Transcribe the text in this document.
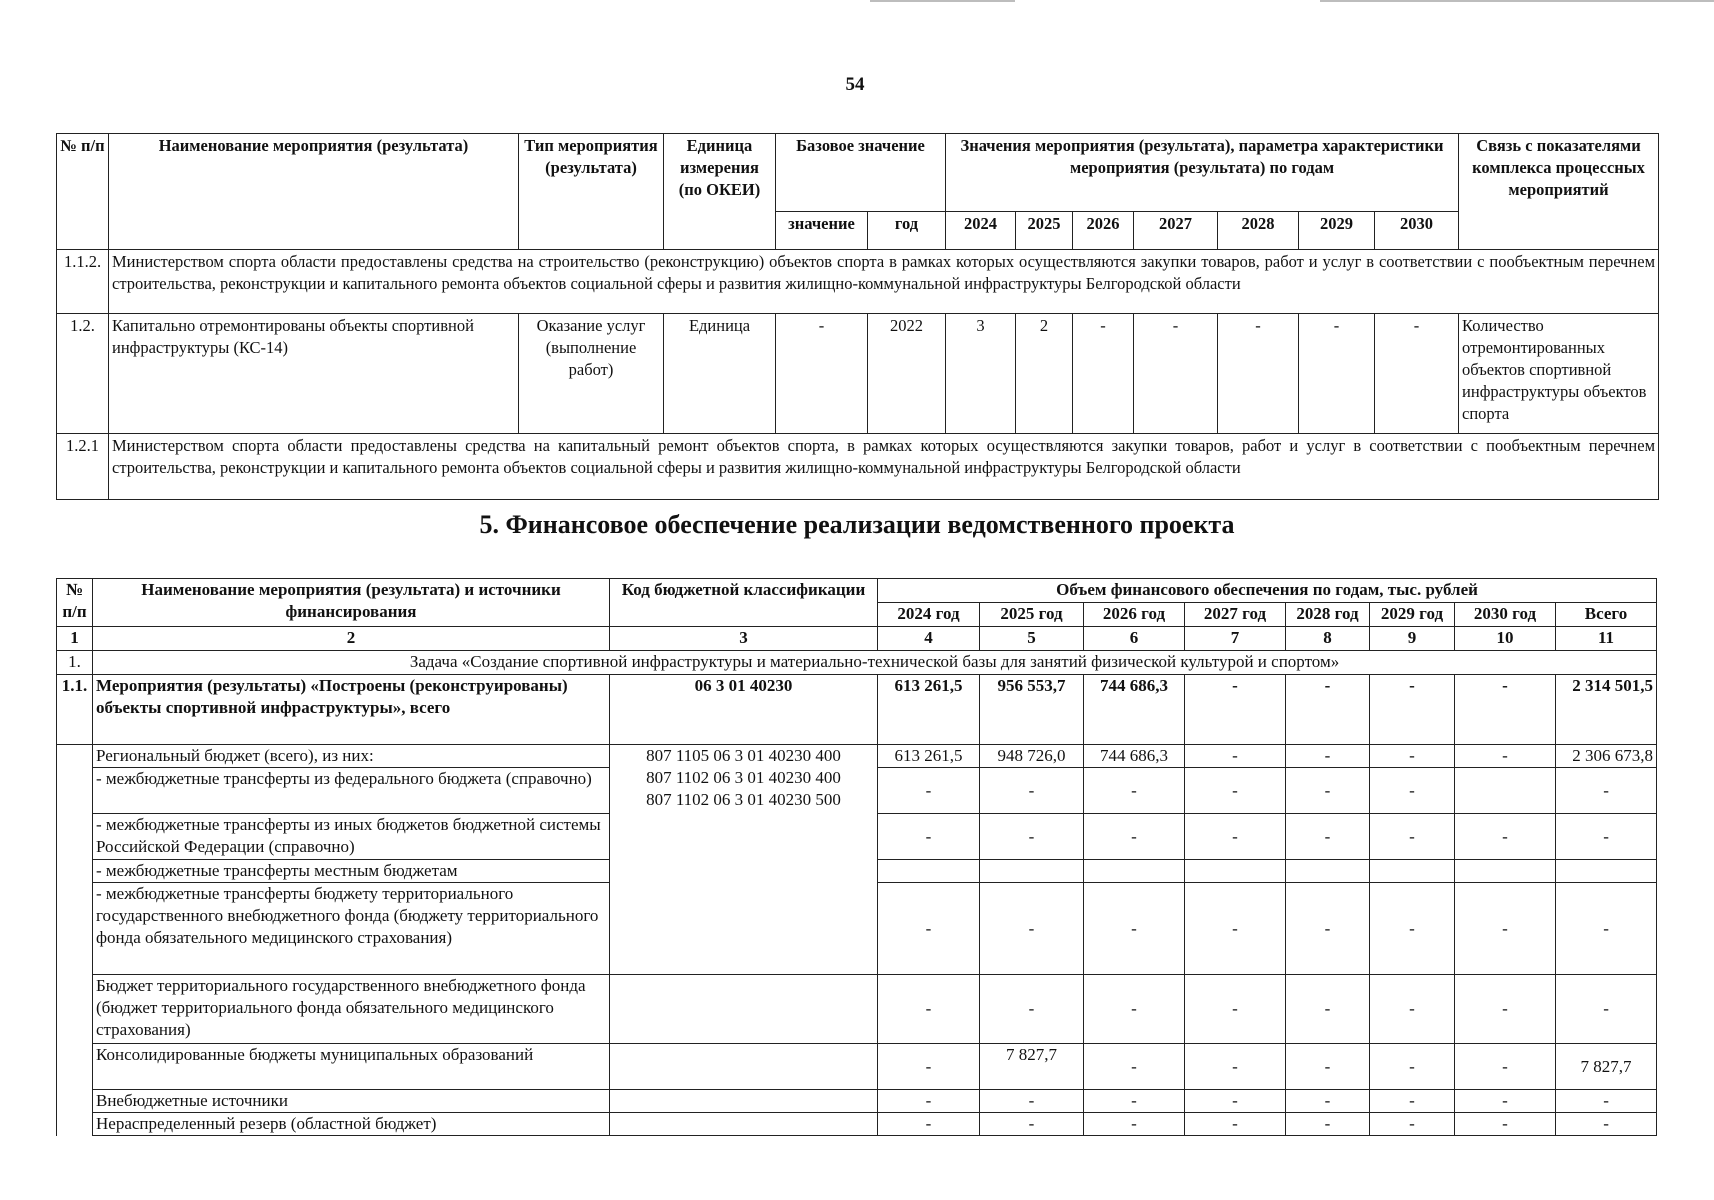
54
№ п/п	Наименование мероприятия (результата)	Тип мероприятия (результата)	Единица измерения (по ОКЕИ)	Базовое значение		Значения мероприятия (результата), параметра характеристики мероприятия (результата) по годам							Связь с показателями комплекса процессных мероприятий
				значение	год	2024	2025	2026	2027	2028	2029	2030	
1.1.2.	Министерством спорта области предоставлены средства на строительство (реконструкцию) объектов спорта в рамках которых осуществляются закупки товаров, работ и услуг в соответствии с пообъектным перечнем строительства, реконструкции и капитального ремонта объектов социальной сферы и развития жилищно-коммунальной инфраструктуры Белгородской области												
1.2.	Капитально отремонтированы объекты спортивной инфраструктуры (КС-14)	Оказание услуг (выполнение работ)	Единица	-	2022	3	2	-	-	-	-	-	Количество отремонтированных объектов спортивной инфраструктуры объектов спорта
1.2.1	Министерством спорта области предоставлены средства на капитальный ремонт объектов спорта, в рамках которых осуществляются закупки товаров, работ и услуг в соответствии с пообъектным перечнем строительства, реконструкции и капитального ремонта объектов социальной сферы и развития жилищно-коммунальной инфраструктуры Белгородской области												
5. Финансовое обеспечение реализации ведомственного проекта
№ п/п	Наименование мероприятия (результата) и источники финансирования	Код бюджетной классификации	Объем финансового обеспечения по годам, тыс. рублей							
			2024 год	2025 год	2026 год	2027 год	2028 год	2029 год	2030 год	Всего
1	2	3	4	5	6	7	8	9	10	11
1.	Задача «Создание спортивной инфраструктуры и материально-технической базы для занятий физической культурой и спортом»									
1.1.	Мероприятия (результаты) «Построены (реконструированы) объекты спортивной инфраструктуры», всего	06 3 01 40230	613 261,5	956 553,7	744 686,3	-	-	-	-	2 314 501,5
	Региональный бюджет (всего), из них:	807 1105 06 3 01 40230 400
807 1102 06 3 01 40230 400
807 1102 06 3 01 40230 500	613 261,5	948 726,0	744 686,3	-	-	-	-	2 306 673,8
	- межбюджетные трансферты из федерального бюджета (справочно)		-	-	-	-	-	-		-
	- межбюджетные трансферты из иных бюджетов бюджетной системы Российской Федерации (справочно)		-	-	-	-	-	-	-	-
	- межбюджетные трансферты местным бюджетам									
	- межбюджетные трансферты бюджету территориального государственного внебюджетного фонда (бюджету территориального фонда обязательного медицинского страхования)		-	-	-	-	-	-	-	-
	Бюджет территориального государственного внебюджетного фонда (бюджет территориального фонда обязательного медицинского страхования)		-	-	-	-	-	-	-	-
	Консолидированные бюджеты муниципальных образований		-	7 827,7	-	-	-	-	-	7 827,7
	Внебюджетные источники		-	-	-	-	-	-	-	-
	Нераспределенный резерв (областной бюджет)		-	-	-	-	-	-	-	-
